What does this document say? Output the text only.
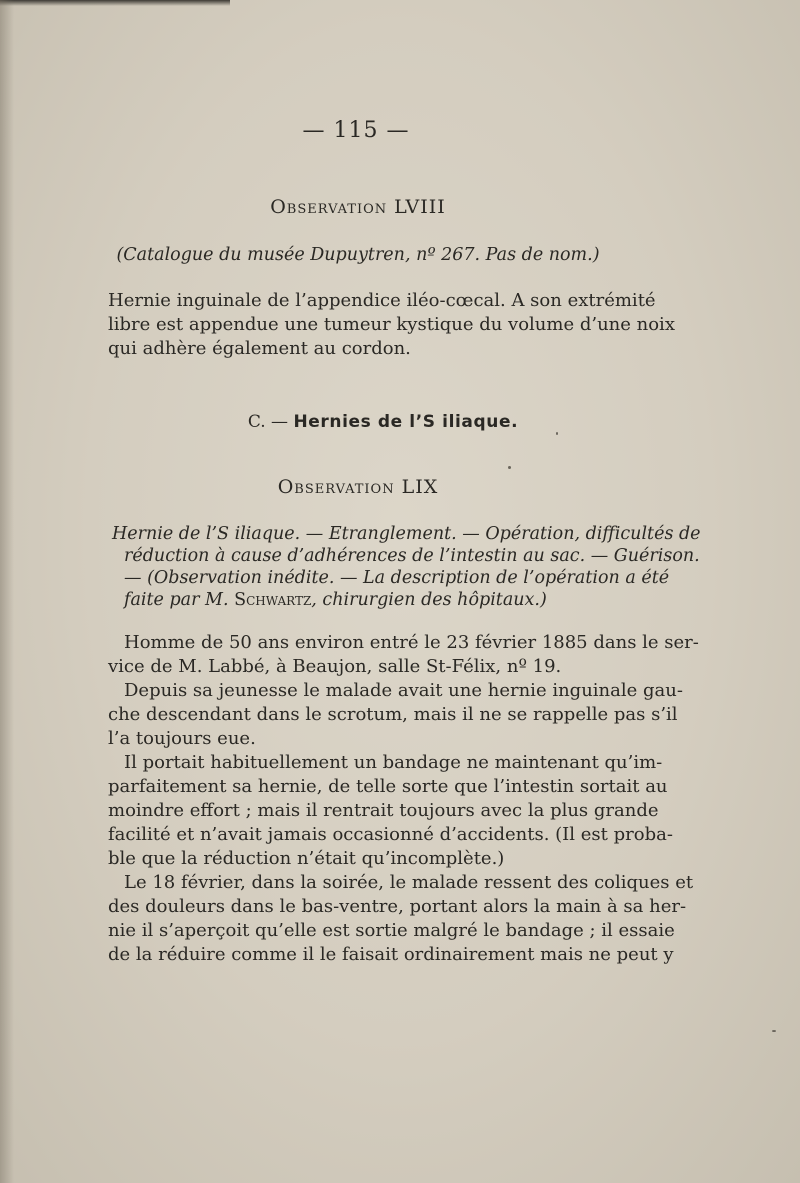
— 115 —

Observation LVIII

(Catalogue du musée Dupuytren, nº 267. Pas de nom.)

Hernie inguinale de l’appendice iléo-cœcal. A son extrémité

libre est appendue une tumeur kystique du volume d’une noix

qui adhère également au cordon.

C. — Hernies de l’S iliaque.

Observation LIX

Hernie de l’S iliaque. — Etranglement. — Opération, difficultés de

réduction à cause d’adhérences de l’intestin au sac. — Guérison.

— (Observation inédite. — La description de l’opération a été

faite par M. Schwartz, chirurgien des hôpitaux.)

Homme de 50 ans environ entré le 23 février 1885 dans le ser-

vice de M. Labbé, à Beaujon, salle St-Félix, nº 19.

Depuis sa jeunesse le malade avait une hernie inguinale gau-

che descendant dans le scrotum, mais il ne se rappelle pas s’il

l’a toujours eue.

Il portait habituellement un bandage ne maintenant qu’im-

parfaitement sa hernie, de telle sorte que l’intestin sortait au

moindre effort ; mais il rentrait toujours avec la plus grande

facilité et n’avait jamais occasionné d’accidents. (Il est proba-

ble que la réduction n’était qu’incomplète.)

Le 18 février, dans la soirée, le malade ressent des coliques et

des douleurs dans le bas-ventre, portant alors la main à sa her-

nie il s’aperçoit qu’elle est sortie malgré le bandage ; il essaie

de la réduire comme il le faisait ordinairement mais ne peut y
